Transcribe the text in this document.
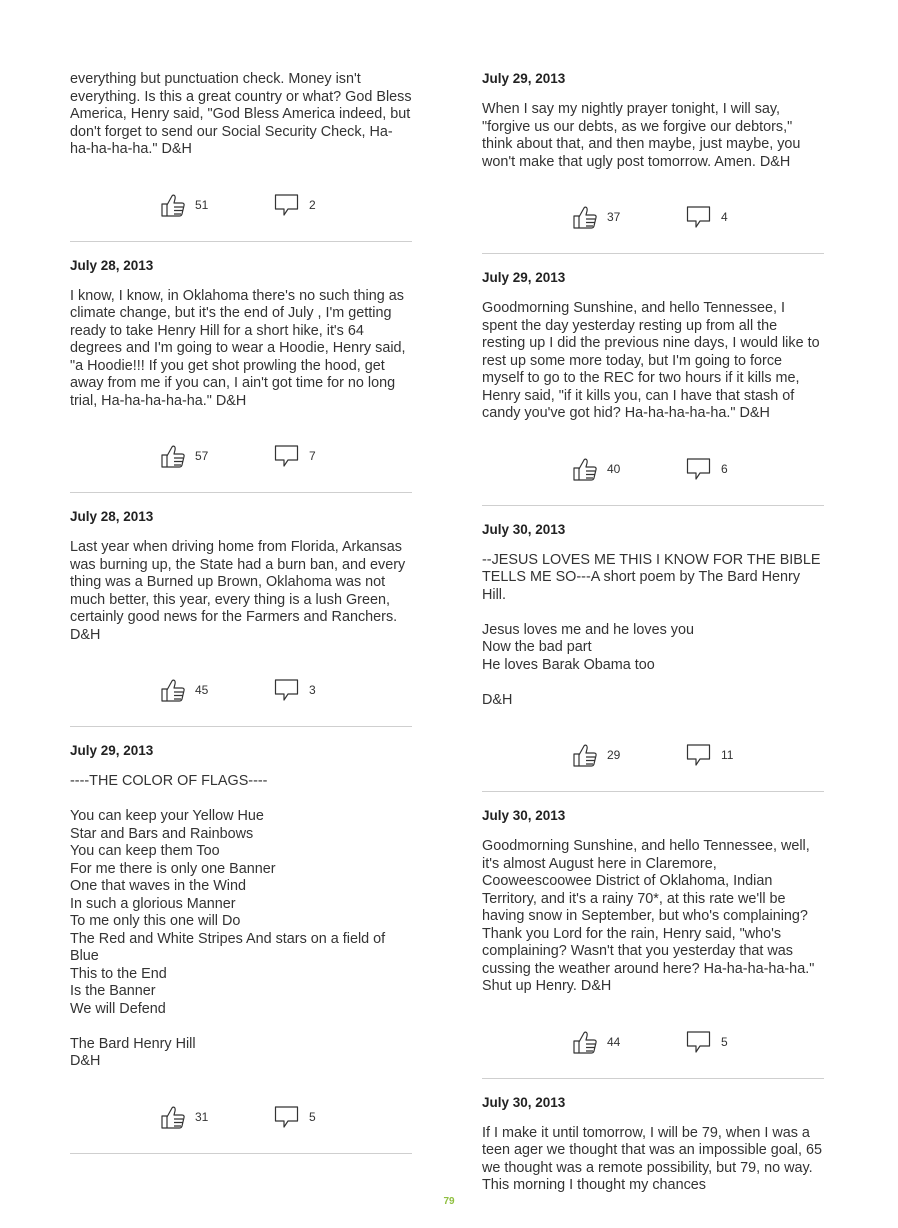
everything but punctuation check. Money isn't everything. Is this a great country or what? God Bless America, Henry said, "God Bless America indeed, but don't forget to send our Social Security Check, Ha-ha-ha-ha-ha." D&H
51	2
July 28, 2013
I know, I know, in Oklahoma there's no such thing as climate change, but it's the end of July , I'm getting ready to take Henry Hill for a short hike, it's 64 degrees and I'm going to wear a Hoodie, Henry said, "a Hoodie!!! If you get shot prowling the hood, get away from me if you can, I ain't got time for no long trial, Ha-ha-ha-ha-ha." D&H
57	7
July 28, 2013
Last year when driving home from Florida, Arkansas was burning up, the State had a burn ban, and every thing was a Burned up Brown, Oklahoma was not much better, this year, every thing is a lush Green, certainly good news for the Farmers and Ranchers. D&H
45	3
July 29, 2013
----THE COLOR OF FLAGS----

You can keep your Yellow Hue
Star and Bars and Rainbows
You can keep them Too
For me there is only one Banner
One that waves in the Wind
In such a glorious Manner
To me only this one will Do
The Red and White Stripes And stars on a field of Blue
This to the End
Is the Banner
We will Defend

The Bard Henry Hill
D&H
31	5
July 29, 2013
When I say my nightly prayer tonight, I will say, "forgive us our debts, as we forgive our debtors," think about that, and then maybe, just maybe, you won't make that ugly post tomorrow. Amen. D&H
37	4
July 29, 2013
Goodmorning Sunshine, and hello Tennessee, I spent the day yesterday resting up from all the resting up I did the previous nine days, I would like to rest up some more today, but I'm going to force myself to go to the REC for two hours if it kills me, Henry said, "if it kills you, can I have that stash of candy you've got hid? Ha-ha-ha-ha-ha." D&H
40	6
July 30, 2013
--JESUS LOVES ME THIS I KNOW FOR THE BIBLE TELLS ME SO---A short poem by The Bard Henry Hill.

Jesus loves me and he loves you
Now the bad part
He loves Barak Obama too

D&H
29	11
July 30, 2013
Goodmorning Sunshine, and hello Tennessee, well, it's almost August here in Claremore, Cooweescoowee District of Oklahoma, Indian Territory, and it's a rainy 70*, at this rate we'll be having snow in September, but who's complaining? Thank you Lord for the rain, Henry said, "who's complaining? Wasn't that you yesterday that was cussing the weather around here? Ha-ha-ha-ha-ha." Shut up Henry. D&H
44	5
July 30, 2013
If I make it until tomorrow, I will be 79, when I was a teen ager we thought that was an impossible goal, 65 we thought was a remote possibility, but 79, no way. This morning I thought my chances
79
